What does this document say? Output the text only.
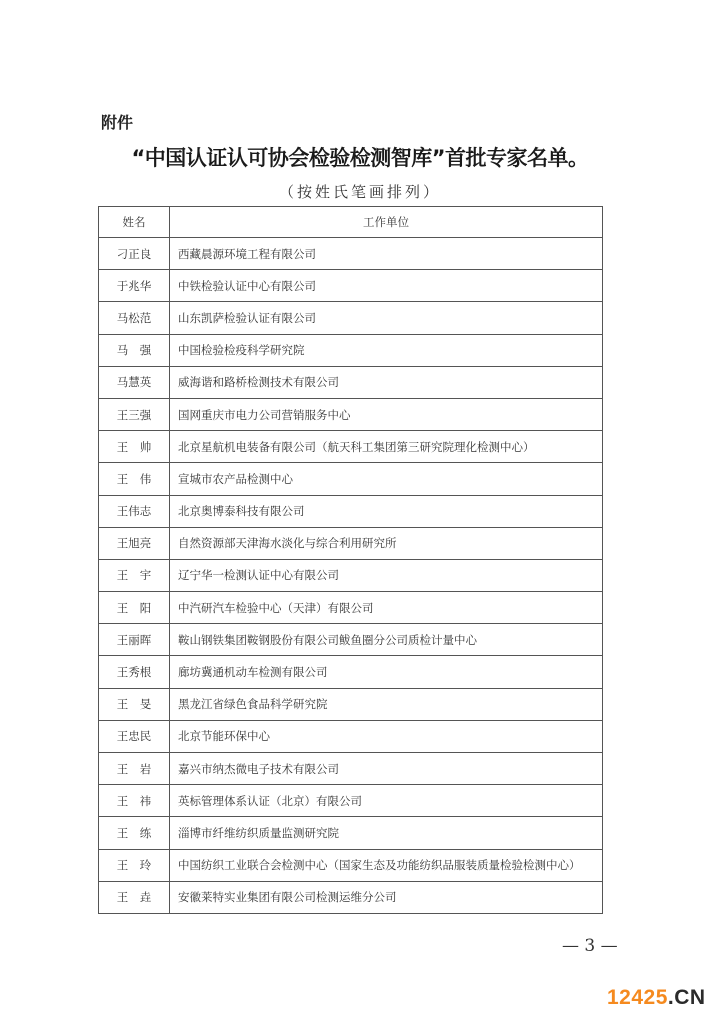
附件
“中国认证认可协会检验检测智库”首批专家名单。
（按姓氏笔画排列）
姓名	工作单位
刁正良	西藏晨源环境工程有限公司
于兆华	中铁检验认证中心有限公司
马松范	山东凯萨检验认证有限公司
马　强	中国检验检疫科学研究院
马慧英	威海谐和路桥检测技术有限公司
王三强	国网重庆市电力公司营销服务中心
王　帅	北京星航机电装备有限公司（航天科工集团第三研究院理化检测中心）
王　伟	宣城市农产品检测中心
王伟志	北京奥博泰科技有限公司
王旭亮	自然资源部天津海水淡化与综合利用研究所
王　宇	辽宁华一检测认证中心有限公司
王　阳	中汽研汽车检验中心（天津）有限公司
王丽晖	鞍山钢铁集团鞍钢股份有限公司鲅鱼圈分公司质检计量中心
王秀根	廊坊冀通机动车检测有限公司
王　旻	黑龙江省绿色食品科学研究院
王忠民	北京节能环保中心
王　岩	嘉兴市纳杰微电子技术有限公司
王　祎	英标管理体系认证（北京）有限公司
王　练	淄博市纤维纺织质量监测研究院
王　玲	中国纺织工业联合会检测中心（国家生态及功能纺织品服装质量检验检测中心）
王　垚	安徽莱特实业集团有限公司检测运维分公司
— 3 —
12425.CN
